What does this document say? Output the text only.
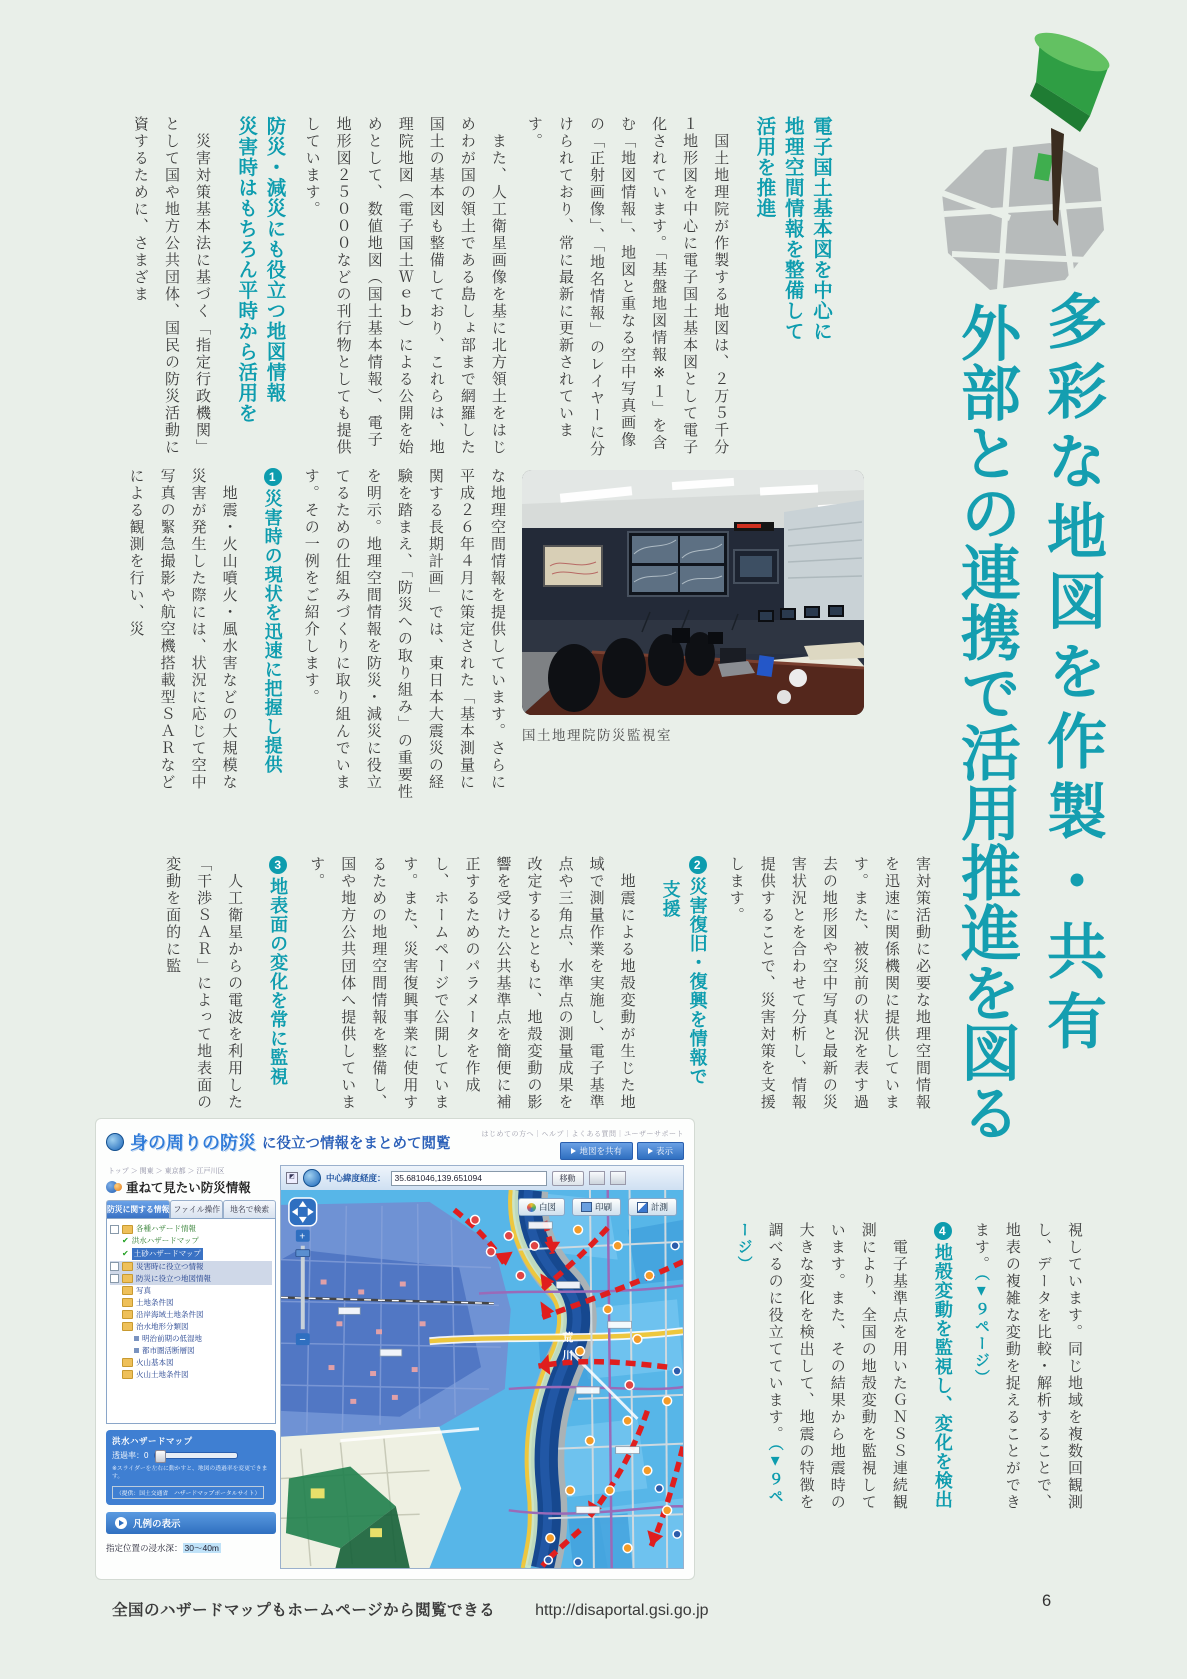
多彩な地図を作製・共有
外部との連携で活用推進を図る
電子国土基本図を中心に
地理空間情報を整備して
活用を推進

　国土地理院が作製する地図は、２万５千分１地形図を中心に電子国土基本図として電子化されています。「基盤地図情報※１」を含む「地図情報」、地図と重なる空中写真画像の「正射画像」、「地名情報」のレイヤーに分けられており、常に最新に更新されています。

　また、人工衛星画像を基に北方領土をはじめわが国の領土である島しょ部まで網羅した国土の基本図も整備しており、これらは、地理院地図（電子国土Ｗｅｂ）による公開を始めとして、数値地図（国土基本情報）、電子地形図２５０００などの刊行物としても提供しています。

防災・減災にも役立つ地図情報
災害時はもちろん平時から活用を

　災害対策基本法に基づく「指定行政機関」として国や地方公共団体、国民の防災活動に資するために、さまざま

な地理空間情報を提供しています。さらに平成２６年４月に策定された「基本測量に関する長期計画」では、東日本大震災の経験を踏まえ、「防災への取り組み」の重要性を明示。地理空間情報を防災・減災に役立てるための仕組みづくりに取り組んでいます。その一例をご紹介します。

1災害時の現状を迅速に把握し提供

　地震・火山噴火・風水害などの大規模な災害が発生した際には、状況に応じて空中写真の緊急撮影や航空機搭載型ＳＡＲなどによる観測を行い、災

国土地理院防災監視室

害対策活動に必要な地理空間情報を迅速に関係機関に提供しています。また、被災前の状況を表す過去の地形図や空中写真と最新の災害状況とを合わせて分析し、情報提供することで、災害対策を支援します。

2災害復旧・復興を情報で
支援

　地震による地殻変動が生じた地域で測量作業を実施し、電子基準点や三角点、水準点の測量成果を改定するとともに、地殻変動の影響を受けた公共基準点を簡便に補正するためのパラメータを作成し、ホームページで公開しています。また、災害復興事業に使用するための地理空間情報を整備し、国や地方公共団体へ提供しています。

3地表面の変化を常に監視

　人工衛星からの電波を利用した「干渉ＳＡＲ」によって地表面の変動を面的に監

視しています。同じ地域を複数回観測し、データを比較・解析することで、地表の複雑な変動を捉えることができます。（▼９ページ）

4地殻変動を監視し、変化を検出

　電子基準点を用いたＧＮＳＳ連続観測により、全国の地殻変動を監視しています。また、その結果から地震時の大きな変化を検出して、地震の特徴を調べるのに役立てています。（▼９ページ）

身の周りの防災 に役立つ情報をまとめて閲覧
はじめての方へ｜ヘルプ｜よくある質問｜ユーザーサポート
地図を共有	表示
トップ ＞ 関東 ＞ 東京都 ＞ 江戸川区
重ねて見たい防災情報
防災に関する情報 ファイル操作	地名で検索
各種ハザード情報
✔ 洪水ハザードマップ
✔ 土砂ハザードマップ
災害時に役立つ情報
防災に役立つ地図情報
写真
土地条件図
沿岸海域土地条件図
治水地形分類図
明治前期の低湿地
都市圏活断層図
火山基本図
火山土地条件図
洪水ハザードマップ
透過率：0
※スライダーを左右に動かすと、地図の透過率を変更できます。
（提供：国土交通省　ハザードマップポータルサイト）
凡例の表示
指定位置の浸水深： 30～40m
◩	中心緯度経度：
35.681046,139.651094	移動
荒
川
+
−
白図	印刷	計測
全国のハザードマップもホームページから閲覧できる	http://disaportal.gsi.go.jp
6
